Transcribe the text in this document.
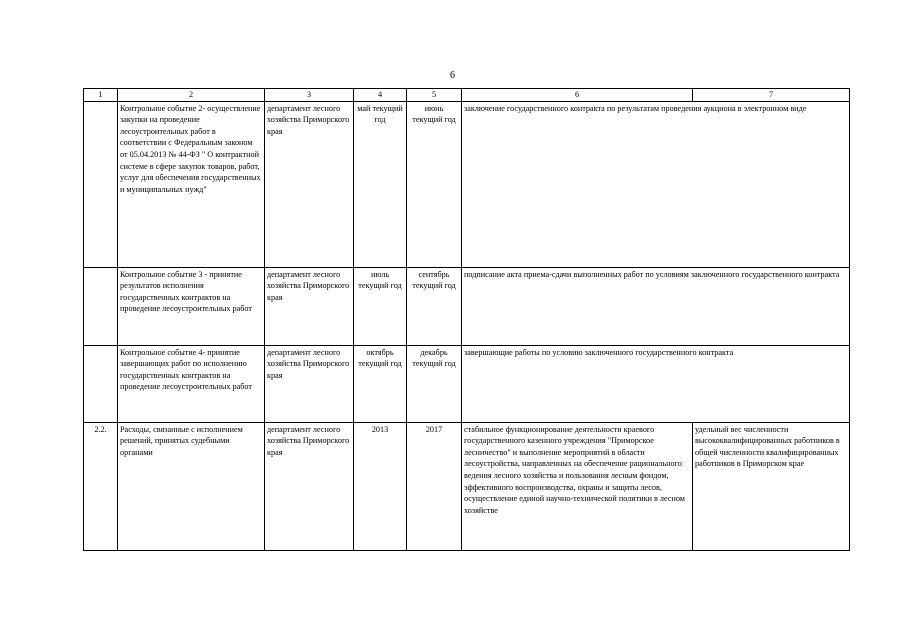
6
1	2	3	4	5	6	7
	Контрольное событие 2- осуществление закупки на проведение лесоустроительных работ в соответствии с Федеральным законом от 05.04.2013 № 44-ФЗ " О контрактной системе в сфере закупок товаров, работ, услуг для обеспечения государственных и муниципальных нужд"	департамент лесного хозяйства Приморского края	май текущий год	июнь текущий год	заключение государственного контракта по результатам проведения аукциона в электронном виде	
	Контрольное событие 3 - принятие результатов исполнения государственных контрактов на проведение лесоустроительных работ	департамент лесного хозяйства Приморского края	июль текущий год	сентябрь текущий год	подписание акта приема-сдачи выполненных работ по условиям заключенного государственного контракта	
	Контрольное событие 4- принятие завершающих работ по исполнению государственных контрактов на проведение лесоустроительных работ	департамент лесного хозяйства Приморского края	октябрь текущий год	декабрь текущий год	завершающие работы по условию заключенного государственного контракта	
2.2.	Расходы, связанные с исполнением решений, принятых судебными органами	департамент лесного хозяйства Приморского края	2013	2017	стабильное функционирование деятельности краевого государственного казенного учреждения "Приморское лесничество" и выполнение мероприятий в области лесоустройства, направленных на обеспечение рационального ведения лесного хозяйства и пользования лесным фондом, эффективного воспроизводства, охраны и защиты лесов, осуществление единой научно-технической политики в лесном хозяйстве	удельный вес численности высококвалифицированных работников в общей численности квалифицированных работников в Приморском крае
